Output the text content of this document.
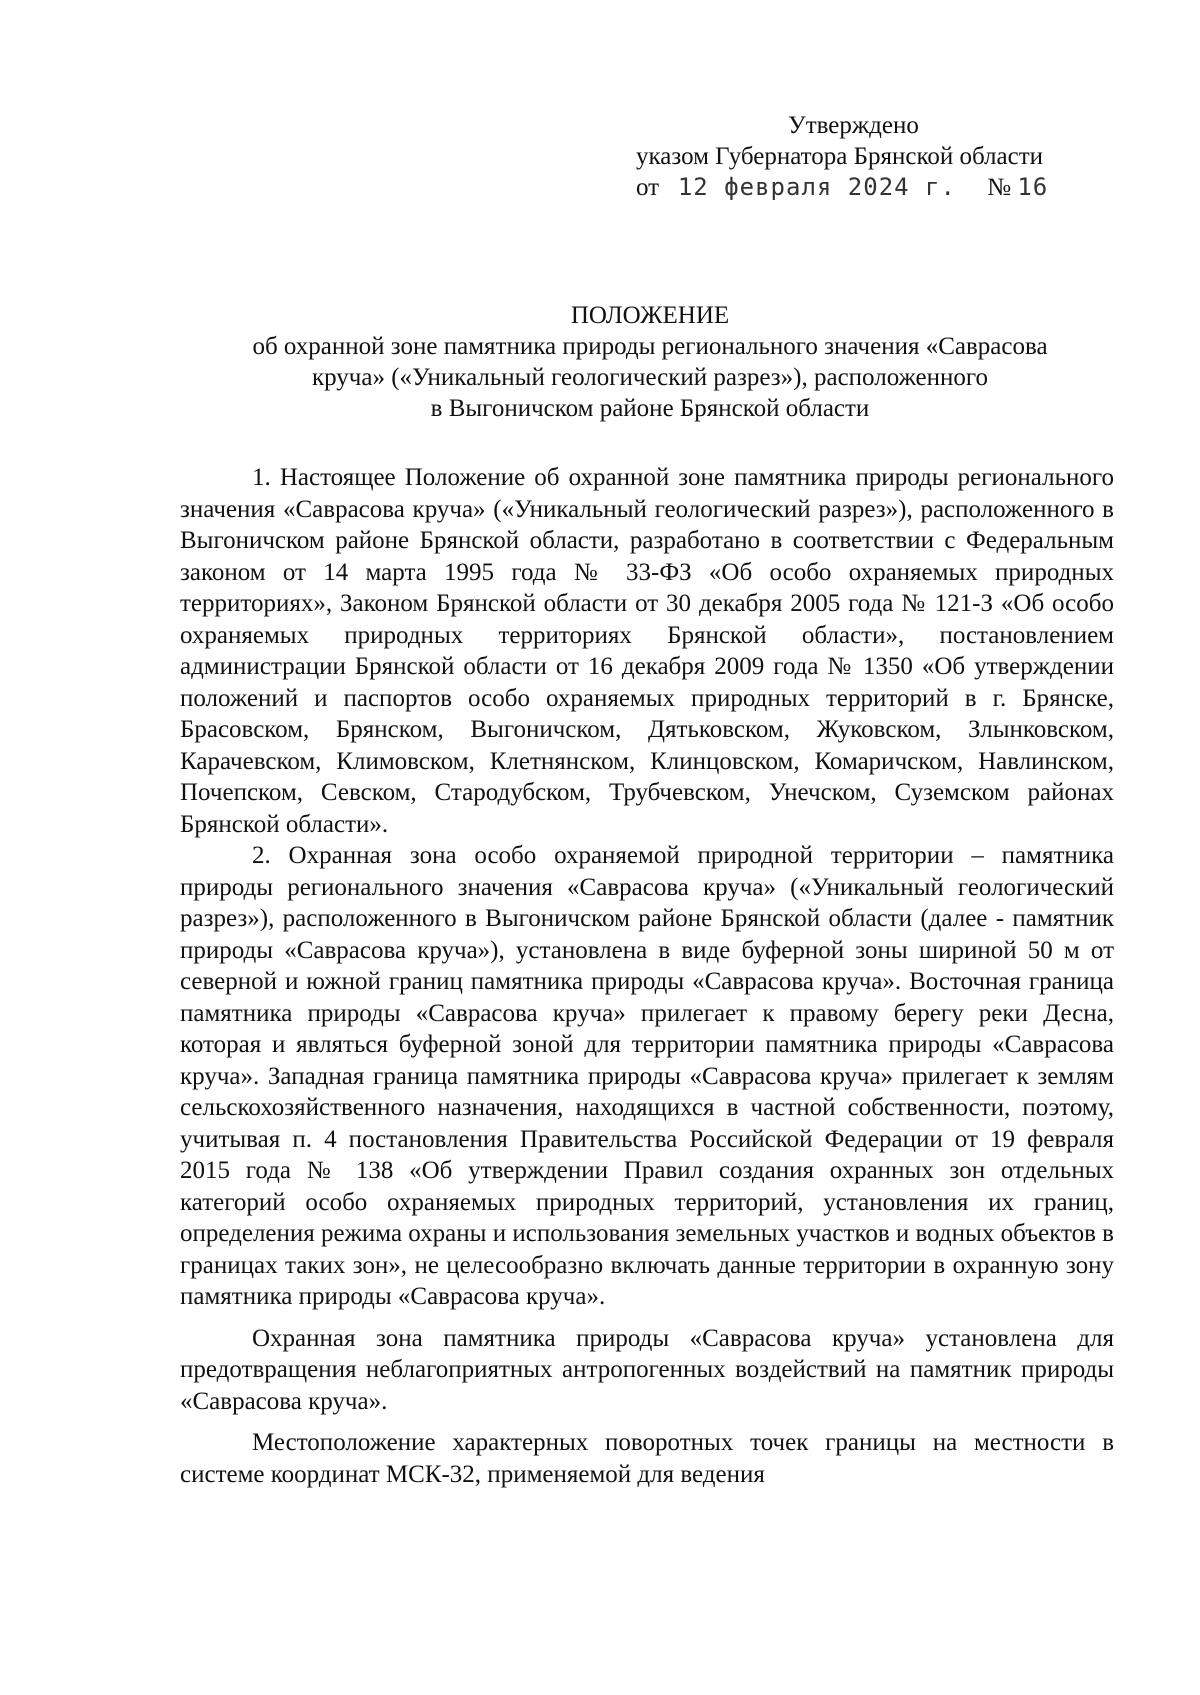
Утверждено
указом Губернатора Брянской области
от 12 февраля 2024 г. № 16
ПОЛОЖЕНИЕ
об охранной зоне памятника природы регионального значения «Саврасова
круча» («Уникальный геологический разрез»), расположенного
в Выгоничском районе Брянской области

1. Настоящее Положение об охранной зоне памятника природы регионального значения «Саврасова круча» («Уникальный геологический разрез»), расположенного в Выгоничском районе Брянской области, разработано в соответствии с Федеральным законом от 14 марта 1995 года № 33-ФЗ «Об особо охраняемых природных территориях», Законом Брянской области от 30 декабря 2005 года № 121-З «Об особо охраняемых природных территориях Брянской области», постановлением администрации Брянской области от 16 декабря 2009 года № 1350 «Об утверждении положений и паспортов особо охраняемых природных территорий в г. Брянске, Брасовском, Брянском, Выгоничском, Дятьковском, Жуковском, Злынковском, Карачевском, Климовском, Клетнянском, Клинцовском, Комаричском, Навлинском, Почепском, Севском, Стародубском, Трубчевском, Унечском, Суземском районах Брянской области».

2. Охранная зона особо охраняемой природной территории – памятника природы регионального значения «Саврасова круча» («Уникальный геологический разрез»), расположенного в Выгоничском районе Брянской области (далее - памятник природы «Саврасова круча»), установлена в виде буферной зоны шириной 50 м от северной и южной границ памятника природы «Саврасова круча». Восточная граница памятника природы «Саврасова круча» прилегает к правому берегу реки Десна, которая и являться буферной зоной для территории памятника природы «Саврасова круча». Западная граница памятника природы «Саврасова круча» прилегает к землям сельскохозяйственного назначения, находящихся в частной собственности, поэтому, учитывая п. 4 постановления Правительства Российской Федерации от 19 февраля 2015 года № 138 «Об утверждении Правил создания охранных зон отдельных категорий особо охраняемых природных территорий, установления их границ, определения режима охраны и использования земельных участков и водных объектов в границах таких зон», не целесообразно включать данные территории в охранную зону памятника природы «Саврасова круча».

Охранная зона памятника природы «Саврасова круча» установлена для предотвращения неблагоприятных антропогенных воздействий на памятник природы «Саврасова круча».

Местоположение характерных поворотных точек границы на местности в системе координат МСК-32, применяемой для ведения
